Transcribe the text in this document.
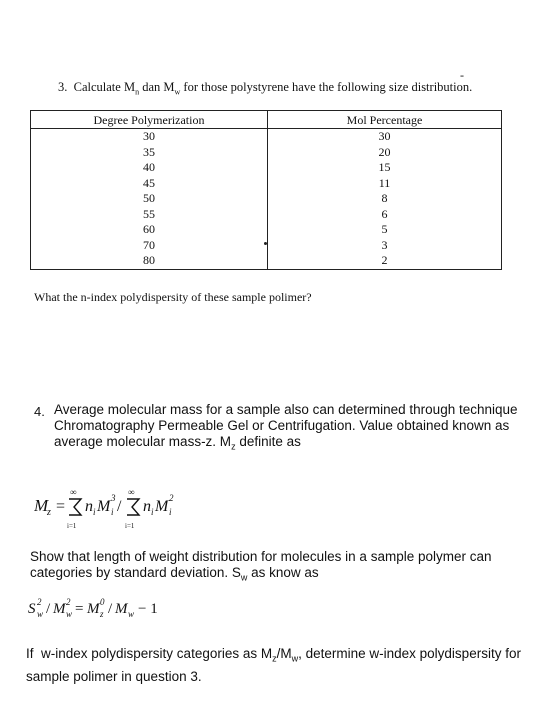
3.  Calculate $M_n$ dan $M_w$ for those polystyrene have the following size distribution.
-
Degree Polymerization	Mol Percentage
30	30
35	20
40	15
45	11
50	8
55	6
60	5
70	3
80	2
What the n-index polydispersity of these sample polimer?
4. Average molecular mass for a sample also can determined through technique Chromatography Permeable Gel or Centrifugation. Value obtained known as average molecular mass-z. $M_z$ definite as
M
z =
∞
i=1
n i M 3
i /
∞
i=1
n i M 2
i
Show that length of weight distribution for molecules in a sample polymer can categories by standard deviation. $S_w$ as know as
S 2
w / M 2
w = M 0
z / M w − 1
If  w-index polydispersity categories as $M_z/M_w$, determine w-index polydispersity for sample polimer in question 3.
